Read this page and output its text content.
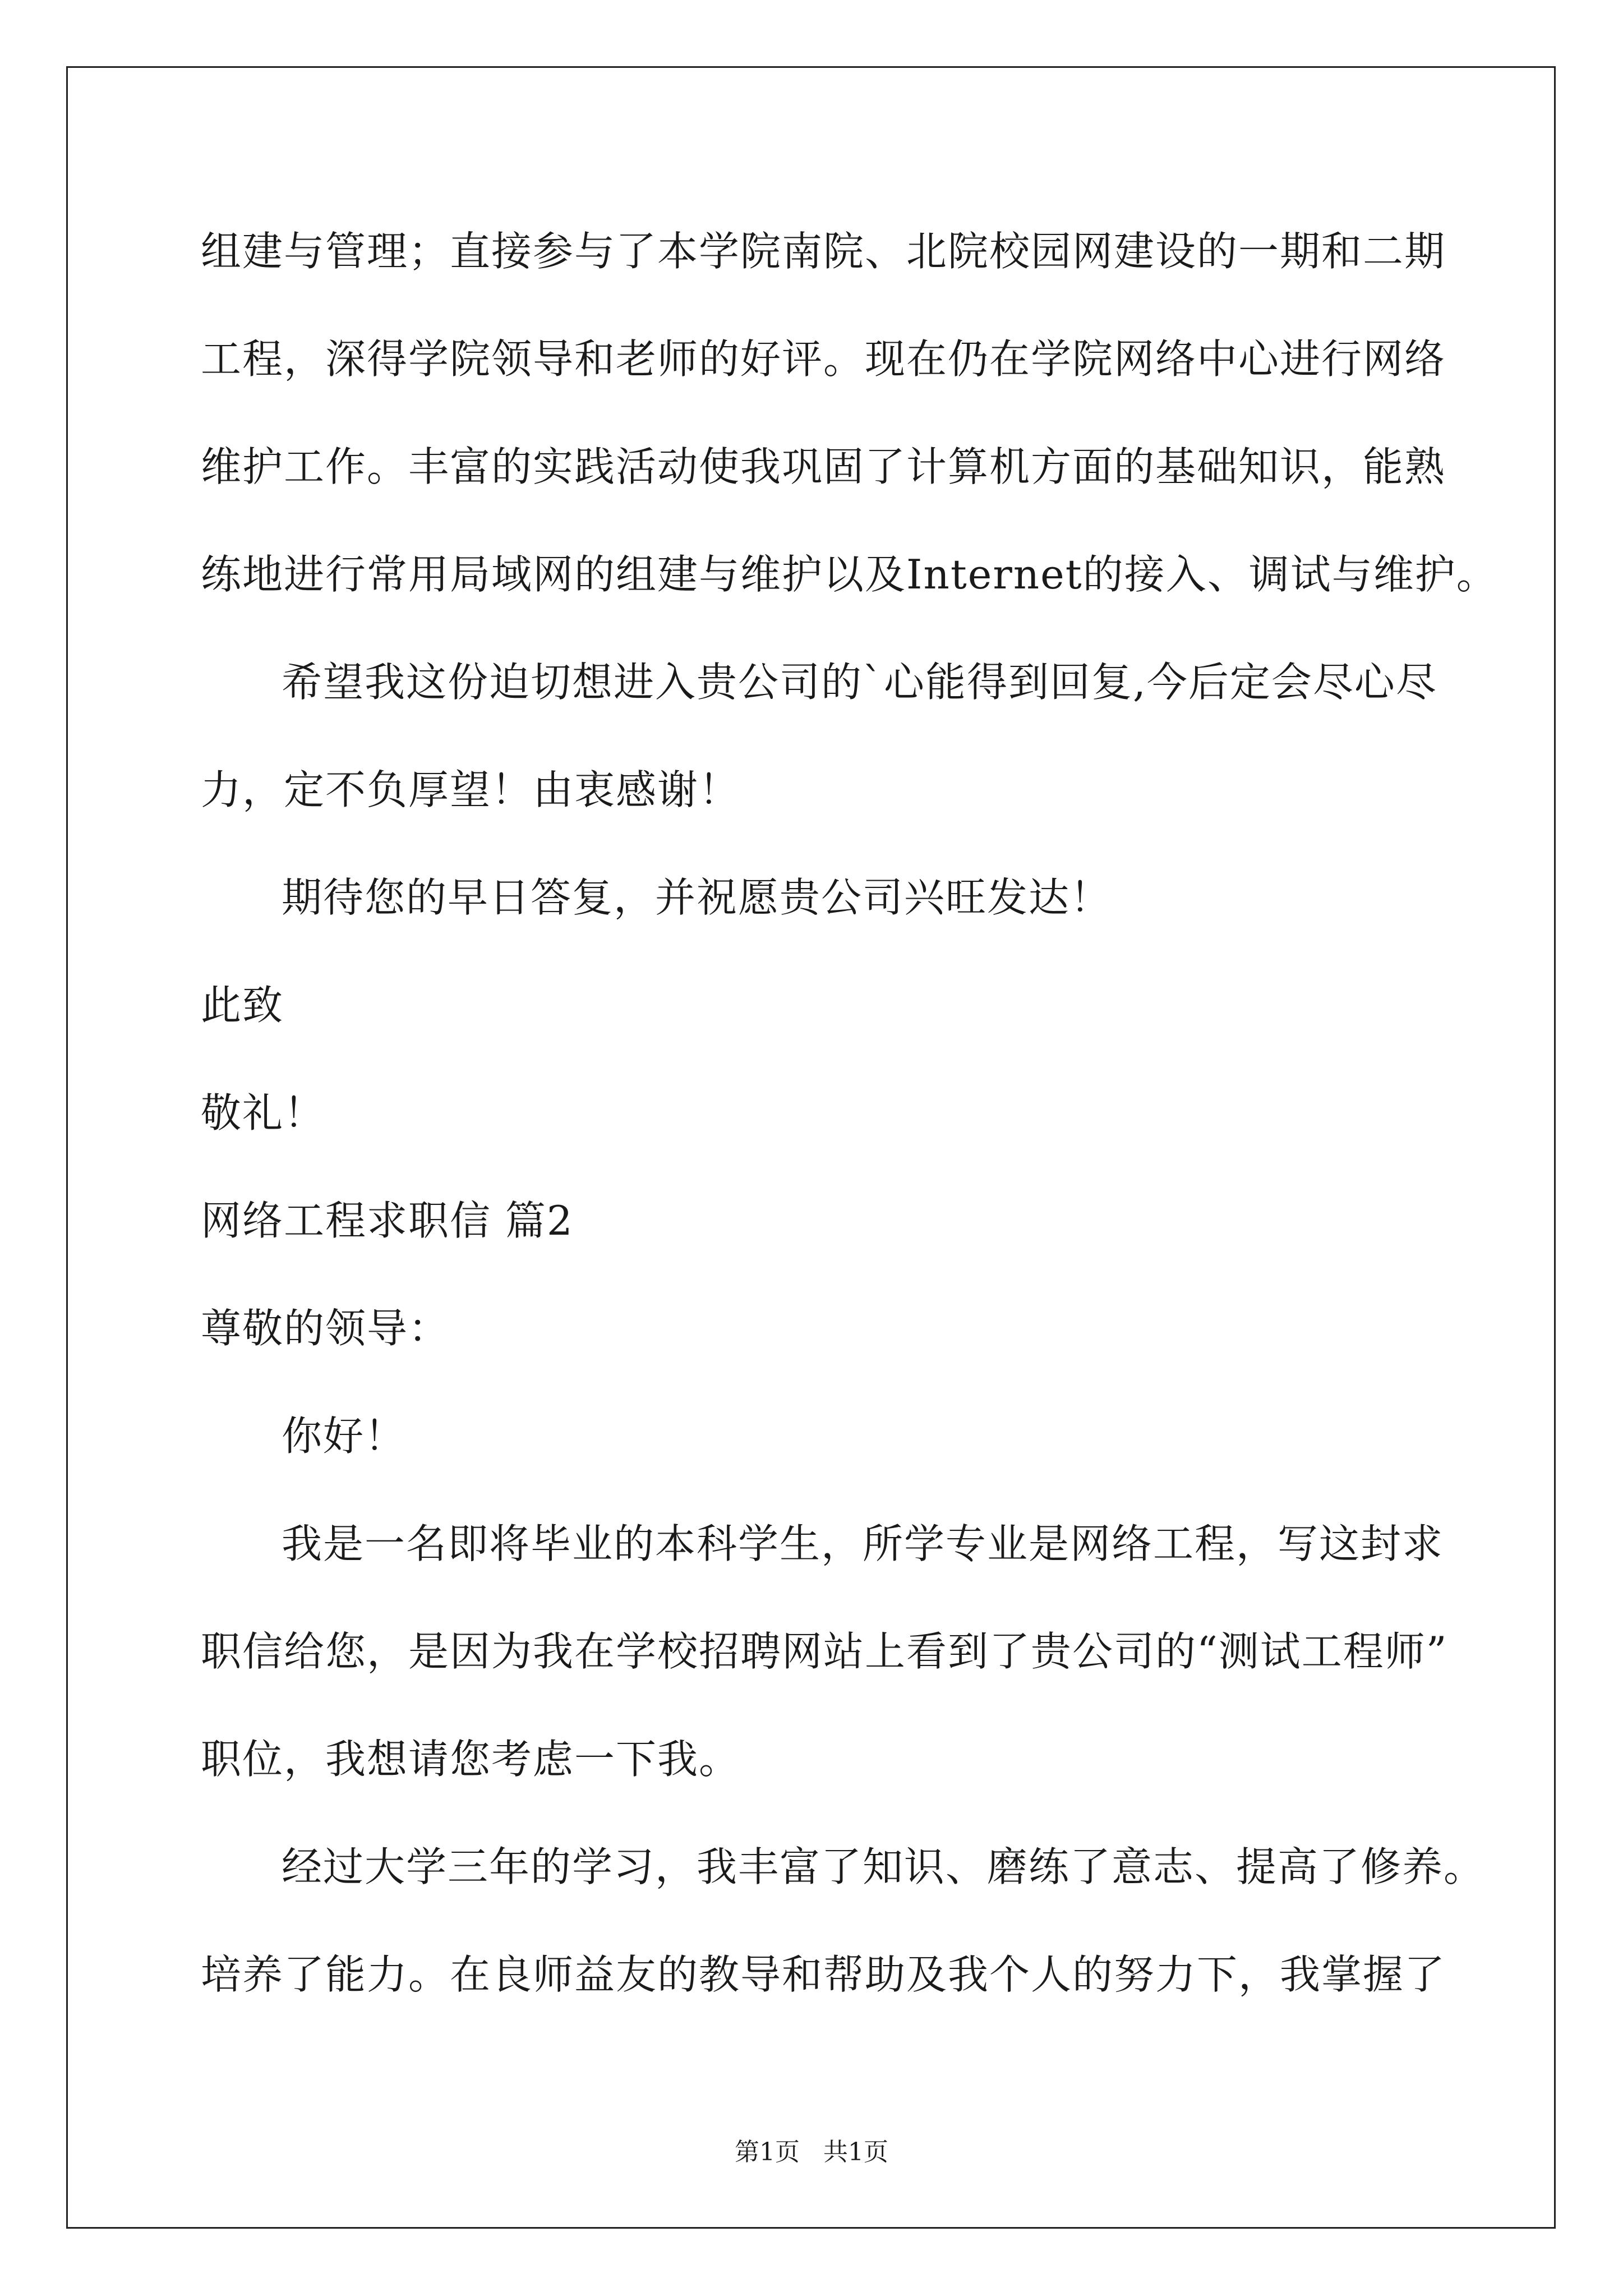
组建与管理；直接参与了本学院南院、北院校园网建设的一期和二期
工程，深得学院领导和老师的好评。现在仍在学院网络中心进行网络
维护工作。丰富的实践活动使我巩固了计算机方面的基础知识，能熟
练地进行常用局域网的组建与维护以及Internet的接入、调试与维护。
希望我这份迫切想进入贵公司的`心能得到回复,今后定会尽心尽
力，定不负厚望！由衷感谢！
期待您的早日答复，并祝愿贵公司兴旺发达！
此致
敬礼！
网络工程求职信 篇2
尊敬的领导：
你好！
我是一名即将毕业的本科学生，所学专业是网络工程，写这封求
职信给您，是因为我在学校招聘网站上看到了贵公司的“测试工程师”
职位，我想请您考虑一下我。
经过大学三年的学习，我丰富了知识、磨练了意志、提高了修养。
培养了能力。在良师益友的教导和帮助及我个人的努力下，我掌握了
第1页 共1页
